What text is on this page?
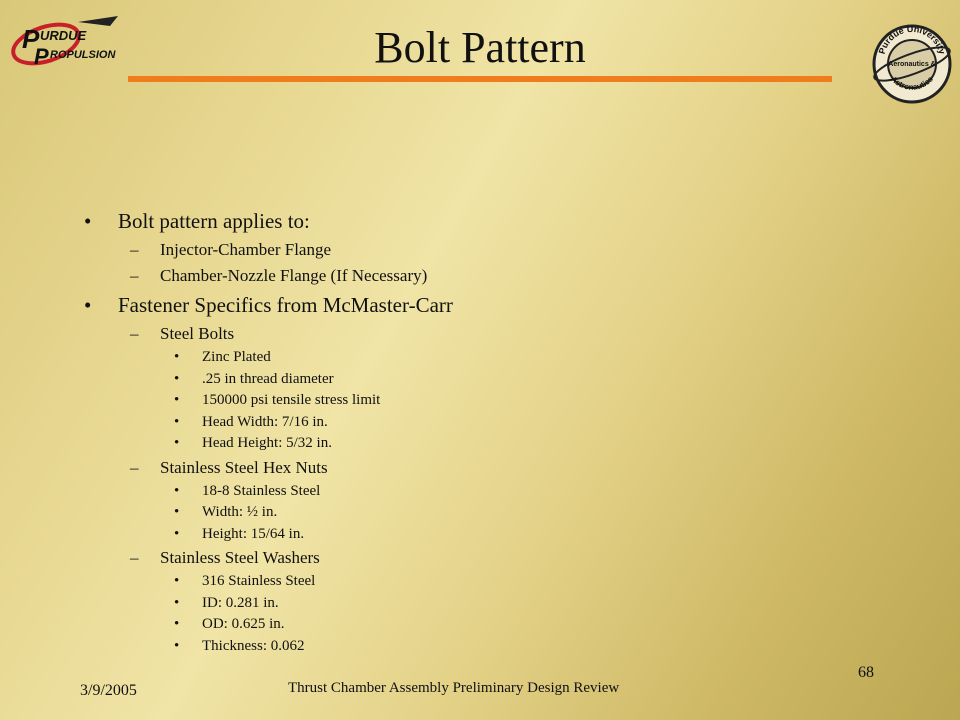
P URDUE
P ROPULSION	Bolt Pattern	Purdue University
Aeronautics &
Astronautics
• Bolt pattern applies to:
– Injector-Chamber Flange
– Chamber-Nozzle Flange (If Necessary)
• Fastener Specifics from McMaster-Carr
– Steel Bolts
• Zinc Plated
• .25 in thread diameter
• 150000 psi tensile stress limit
• Head Width: 7/16 in.
• Head Height: 5/32 in.
– Stainless Steel Hex Nuts
• 18-8 Stainless Steel
• Width: ½ in.
• Height: 15/64 in.
– Stainless Steel Washers
• 316 Stainless Steel
• ID: 0.281 in.
• OD: 0.625 in.
• Thickness: 0.062
3/9/2005	Thrust Chamber Assembly Preliminary Design Review
68
